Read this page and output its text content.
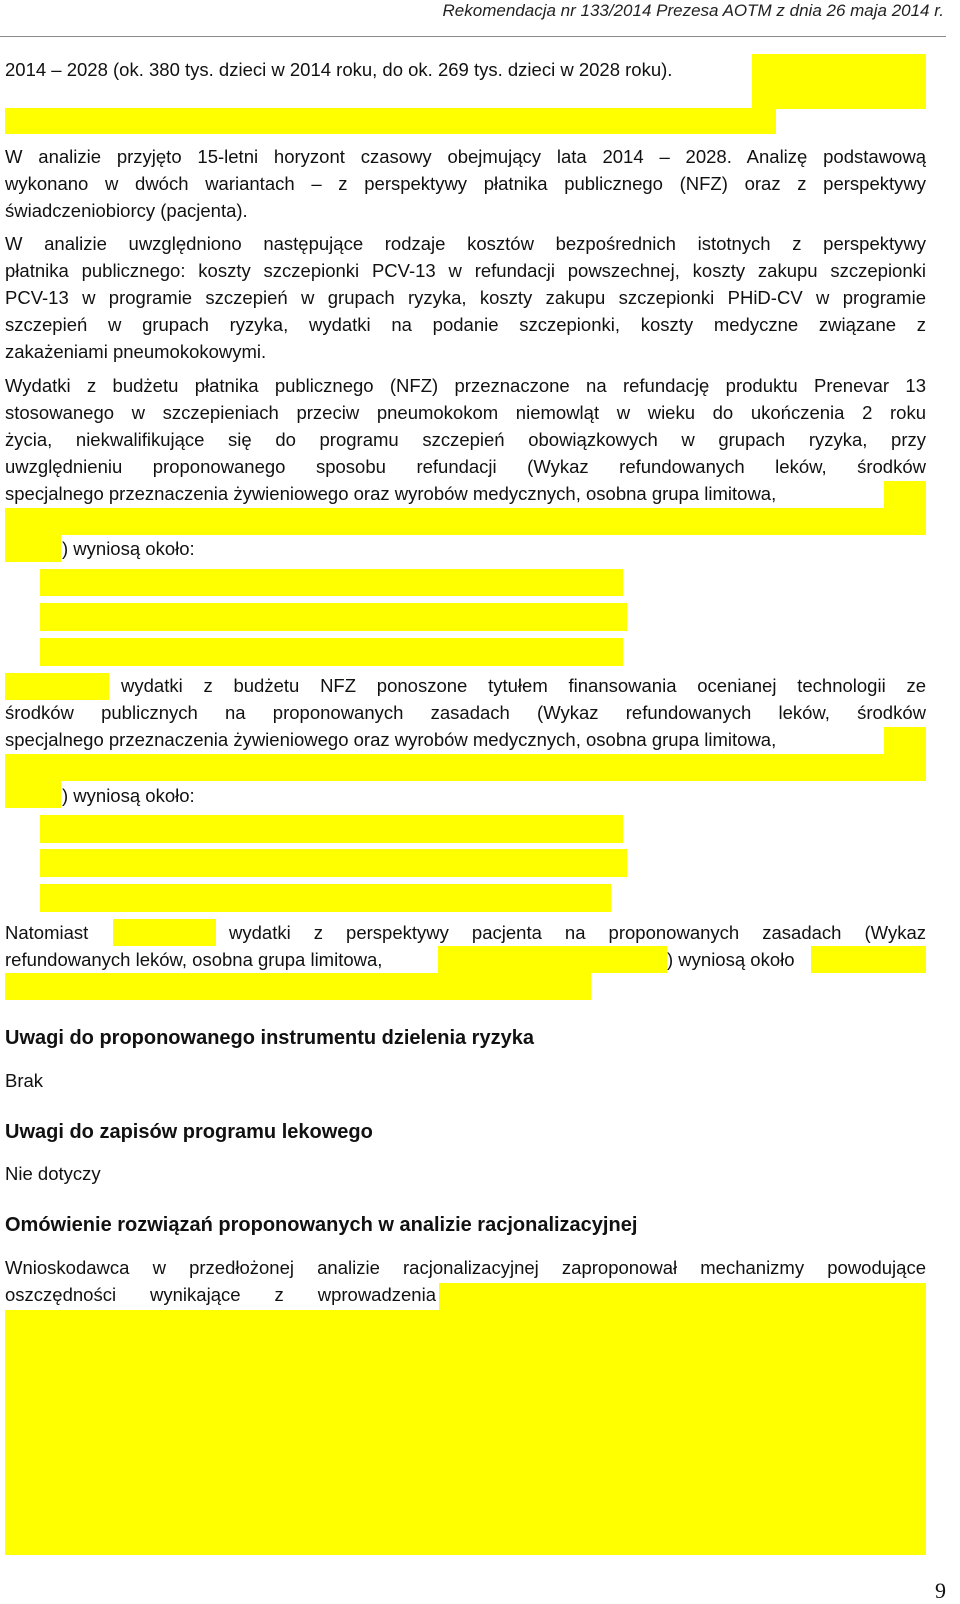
Rekomendacja nr 133/2014 Prezesa AOTM z dnia 26 maja 2014 r.
2014 – 2028 (ok. 380 tys. dzieci w 2014 roku, do ok. 269 tys. dzieci w 2028 roku).
W analizie przyjęto 15-letni horyzont czasowy obejmujący lata 2014 – 2028. Analizę podstawową
wykonano w dwóch wariantach – z perspektywy płatnika publicznego (NFZ) oraz z perspektywy
świadczeniobiorcy (pacjenta).
W analizie uwzględniono następujące rodzaje kosztów bezpośrednich istotnych z perspektywy
płatnika publicznego: koszty szczepionki PCV-13 w refundacji powszechnej, koszty zakupu szczepionki
PCV-13 w programie szczepień w grupach ryzyka, koszty zakupu szczepionki PHiD-CV w programie
szczepień w grupach ryzyka, wydatki na podanie szczepionki, koszty medyczne związane z
zakażeniami pneumokokowymi.
Wydatki z budżetu płatnika publicznego (NFZ) przeznaczone na refundację produktu Prenevar 13
stosowanego w szczepieniach przeciw pneumokokom niemowląt w wieku do ukończenia 2 roku
życia, niekwalifikujące się do programu szczepień obowiązkowych w grupach ryzyka, przy
uwzględnieniu proponowanego sposobu refundacji (Wykaz refundowanych leków, środków
specjalnego przeznaczenia żywieniowego oraz wyrobów medycznych, osobna grupa limitowa,
) wyniosą około:
wydatki z budżetu NFZ ponoszone tytułem finansowania ocenianej technologii ze
środków publicznych na proponowanych zasadach (Wykaz refundowanych leków, środków
specjalnego przeznaczenia żywieniowego oraz wyrobów medycznych, osobna grupa limitowa,
) wyniosą około:
Natomiast	wydatki z perspektywy pacjenta na proponowanych zasadach (Wykaz
refundowanych leków, osobna grupa limitowa,	) wyniosą około
Uwagi do proponowanego instrumentu dzielenia ryzyka
Brak
Uwagi do zapisów programu lekowego
Nie dotyczy
Omówienie rozwiązań proponowanych w analizie racjonalizacyjnej
Wnioskodawca w przedłożonej analizie racjonalizacyjnej zaproponował mechanizmy powodujące
oszczędności wynikające z wprowadzenia
9
